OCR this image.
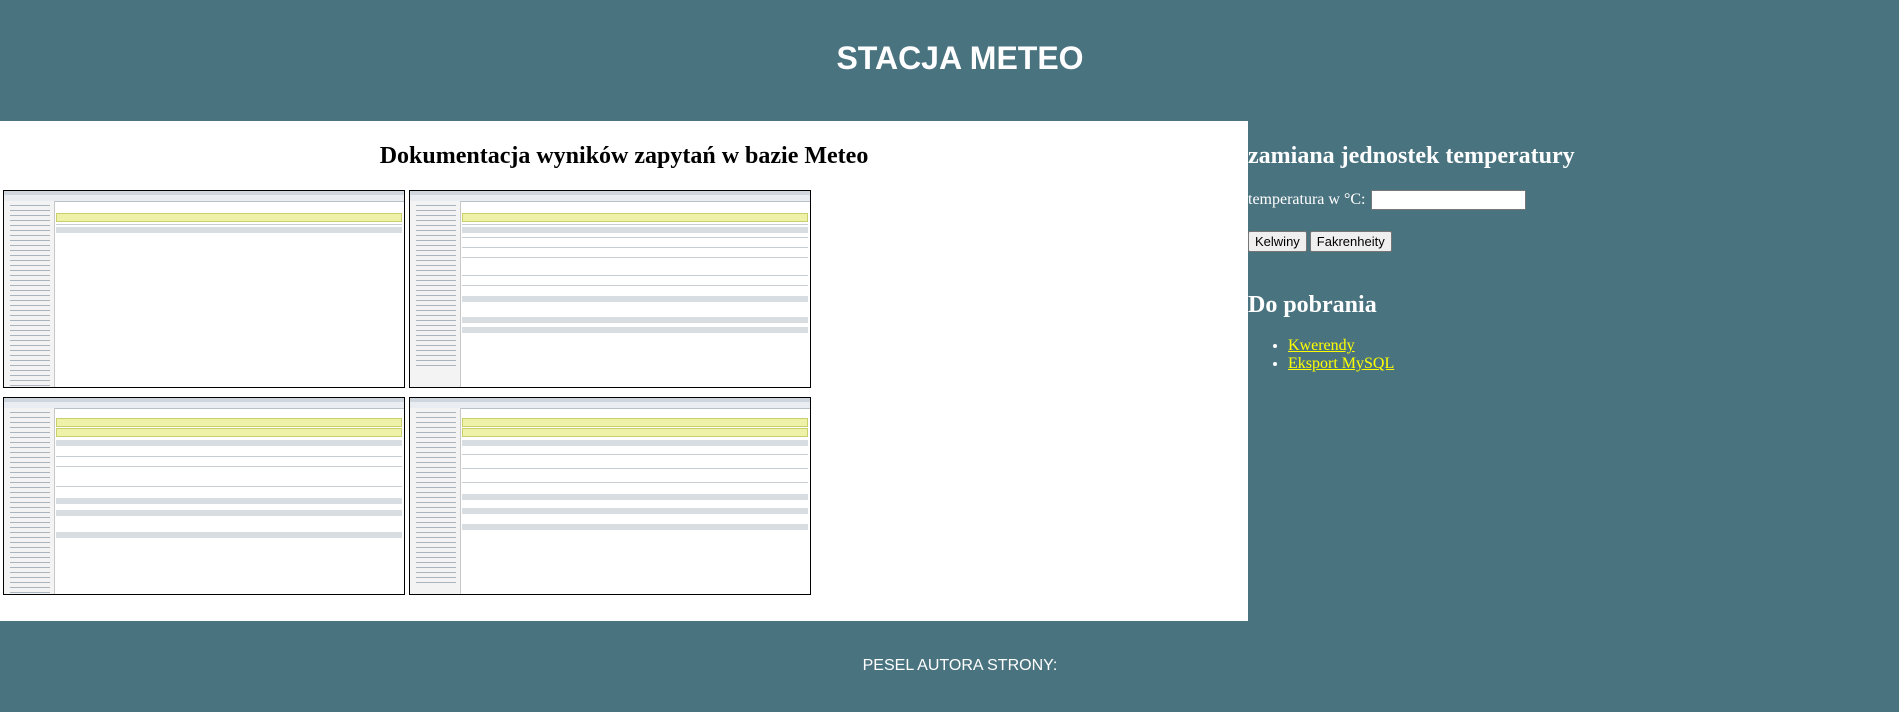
STACJA METEO
Dokumentacja wyników zapytań w bazie Meteo	zamiana jednostek temperatury
temperatura w °C:
Kelwiny Fakrenheity
Do pobrania
• Kwerendy
• Eksport MySQL

PESEL AUTORA STRONY:
